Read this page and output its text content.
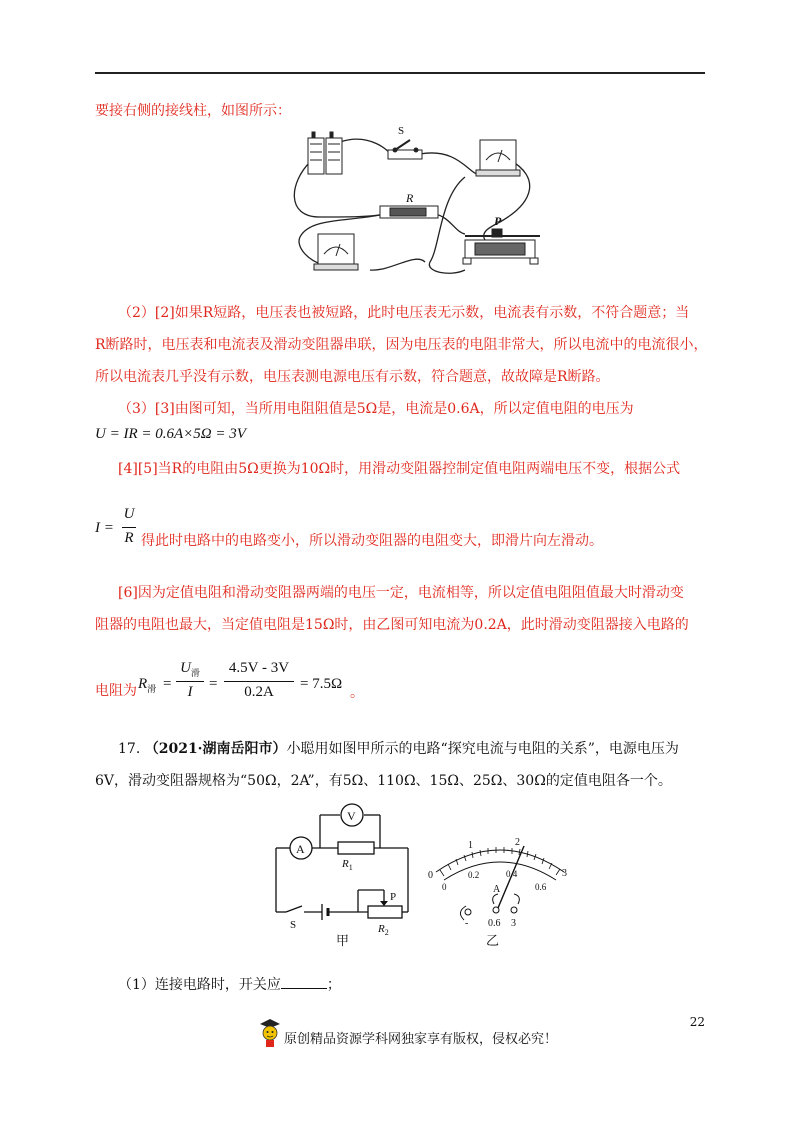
要接右侧的接线柱，如图所示：
S
R
P
（2）[2]如果R短路，电压表也被短路，此时电压表无示数，电流表有示数，不符合题意；当
R断路时，电压表和电流表及滑动变阻器串联，因为电压表的电阻非常大，所以电流中的电流很小，
所以电流表几乎没有示数，电压表测电源电压有示数，符合题意，故故障是R断路。
（3）[3]由图可知，当所用电阻阻值是5Ω是，电流是0.6A，所以定值电阻的电压为
U = IR = 0.6A×5Ω = 3V
[4][5]当R的电阻由5Ω更换为10Ω时，用滑动变阻器控制定值电阻两端电压不变，根据公式
I =
U
R 得此时电路中的电路变小，所以滑动变阻器的电阻变大，即滑片向左滑动。
[6]因为定值电阻和滑动变阻器两端的电压一定，电流相等，所以定值电阻阻值最大时滑动变
阻器的电阻也最大，当定值电阻是15Ω时，由乙图可知电流为0.2A，此时滑动变阻器接入电路的
电阻为 $R_滑$ =
$U_滑$
I	=
4.5V - 3V
0.2A	= 7.5Ω
。
17. （2021·湖南岳阳市）小聪用如图甲所示的电路“探究电流与电阻的关系”，电源电压为
6V，滑动变阻器规格为“50Ω，2A”，有5Ω、110Ω、15Ω、25Ω、30Ω的定值电阻各一个。
A
V
$R_1$
S
P
$R_2$
甲
0
1	2
3
0
0.2	0.4
0.6
A
- 0.6 3
乙
（1）连接电路时，开关应	；
22
原创精品资源学科网独家享有版权，侵权必究！
